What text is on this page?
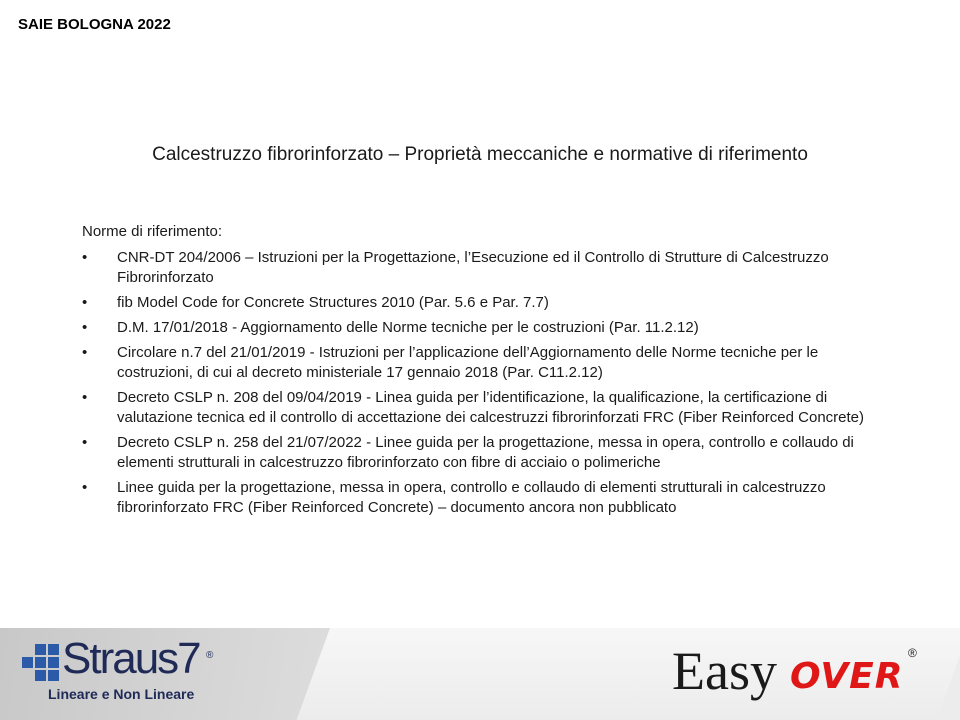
SAIE BOLOGNA 2022
Calcestruzzo fibrorinforzato – Proprietà meccaniche e normative di riferimento
Norme di riferimento:
• CNR-DT 204/2006 – Istruzioni per la Progettazione, l’Esecuzione ed il Controllo di Strutture di Calcestruzzo Fibrorinforzato
• fib Model Code for Concrete Structures 2010 (Par. 5.6 e Par. 7.7)
• D.M. 17/01/2018 - Aggiornamento delle Norme tecniche per le costruzioni (Par. 11.2.12)
• Circolare n.7 del 21/01/2019 - Istruzioni per l’applicazione dell’Aggiornamento delle Norme tecniche per le costruzioni, di cui al decreto ministeriale 17 gennaio 2018 (Par. C11.2.12)
• Decreto CSLP n. 208 del 09/04/2019 - Linea guida per l’identificazione, la qualificazione, la certificazione di valutazione tecnica ed il controllo di accettazione dei calcestruzzi fibrorinforzati FRC (Fiber Reinforced Concrete)
• Decreto CSLP n. 258 del 21/07/2022 - Linee guida per la progettazione, messa in opera, controllo e collaudo di elementi strutturali in calcestruzzo fibrorinforzato con fibre di acciaio o polimeriche
• Linee guida per la progettazione, messa in opera, controllo e collaudo di elementi strutturali in calcestruzzo fibrorinforzato FRC (Fiber Reinforced Concrete) – documento ancora non pubblicato
Straus7 ®
Lineare e Non Lineare	Easy OVER
®
